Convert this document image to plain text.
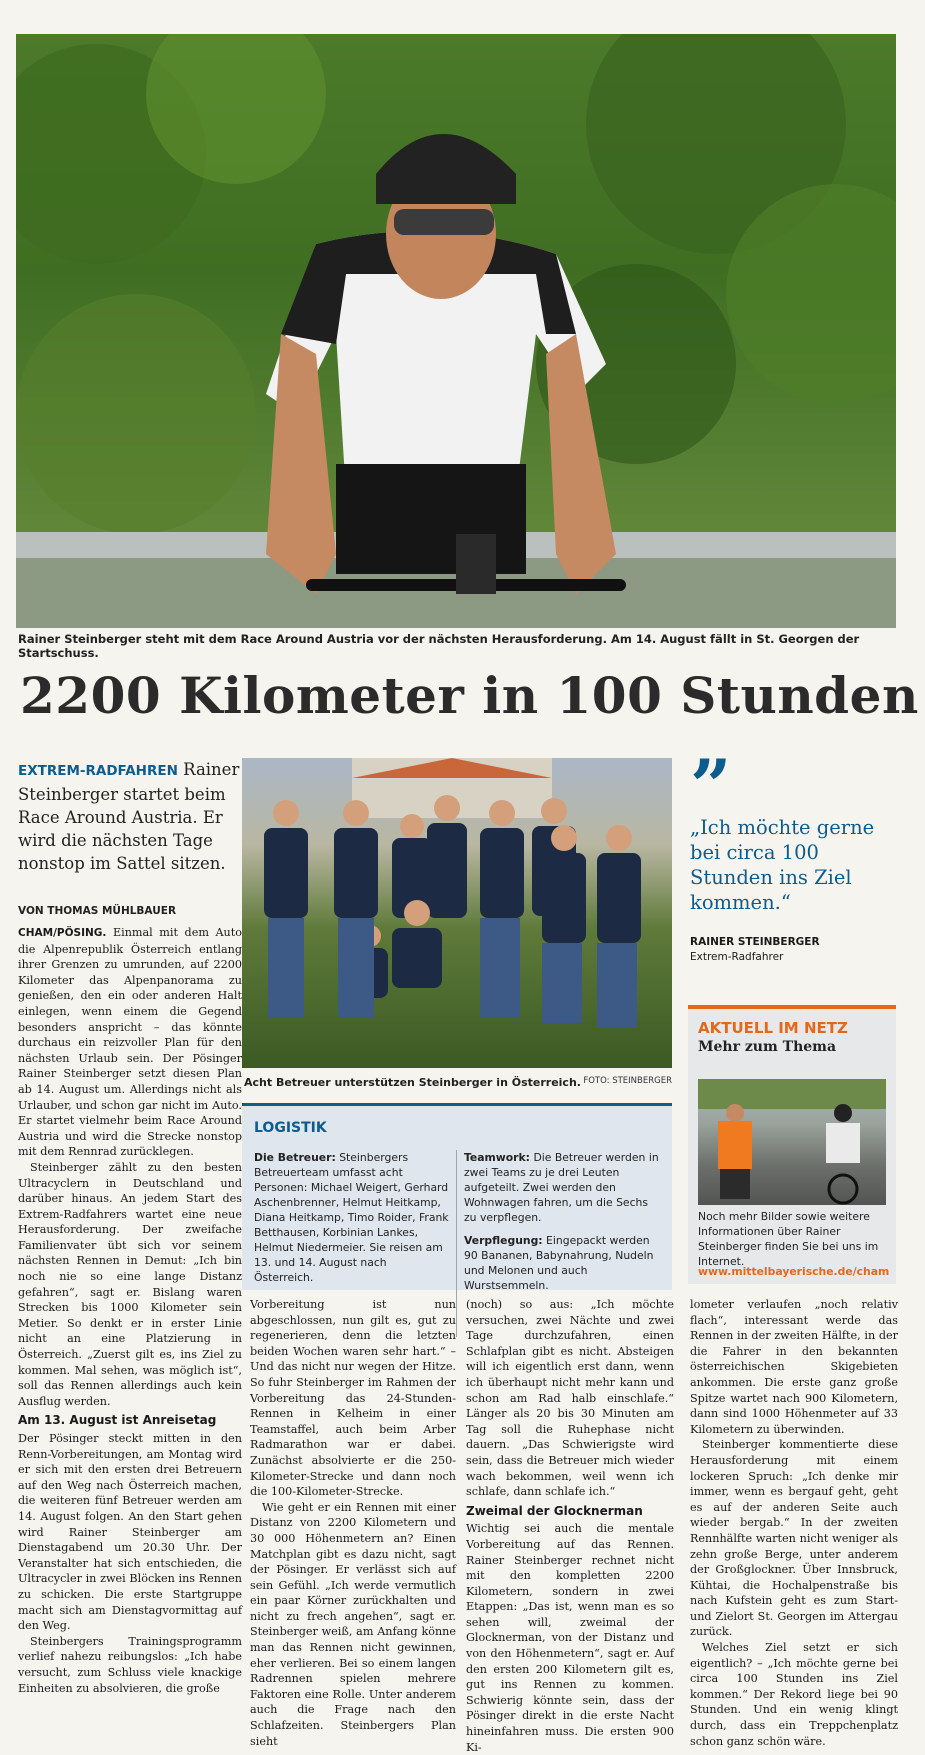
Rainer Steinberger steht mit dem Race Around Austria vor der nächsten Herausforderung. Am 14. August fällt in St. Georgen der Startschuss.
2200 Kilometer in 100 Stunden
EXTREM-RADFAHREN Rainer Steinberger startet beim Race Around Austria. Er wird die nächsten Tage nonstop im Sattel sitzen.
VON THOMAS MÜHLBAUER

CHAM/PÖSING. Einmal mit dem Auto die Alpenrepublik Österreich entlang ihrer Grenzen zu umrunden, auf 2200 Kilometer das Alpenpanorama zu genießen, den ein oder anderen Halt einlegen, wenn einem die Gegend besonders anspricht – das könnte durchaus ein reizvoller Plan für den nächsten Urlaub sein. Der Pösinger Rainer Steinberger setzt diesen Plan ab 14. August um. Allerdings nicht als Urlauber, und schon gar nicht im Auto. Er startet vielmehr beim Race Around Austria und wird die Strecke nonstop mit dem Rennrad zurücklegen.

Steinberger zählt zu den besten Ultracyclern in Deutschland und darüber hinaus. An jedem Start des Extrem-Radfahrers wartet eine neue Herausforderung. Der zweifache Familienvater übt sich vor seinem nächsten Rennen in Demut: „Ich bin noch nie so eine lange Distanz gefahren“, sagt er. Bislang waren Strecken bis 1000 Kilometer sein Metier. So denkt er in erster Linie nicht an eine Platzierung in Österreich. „Zuerst gilt es, ins Ziel zu kommen. Mal sehen, was möglich ist“, soll das Rennen allerdings auch kein Ausflug werden.

Am 13. August ist Anreisetag

Der Pösinger steckt mitten in den Renn-Vorbereitungen, am Montag wird er sich mit den ersten drei Betreuern auf den Weg nach Österreich machen, die weiteren fünf Betreuer werden am 14. August folgen. An den Start gehen wird Rainer Steinberger am Dienstagabend um 20.30 Uhr. Der Veranstalter hat sich entschieden, die Ultracycler in zwei Blöcken ins Rennen zu schicken. Die erste Startgruppe macht sich am Dienstagvormittag auf den Weg.

Steinbergers Trainingsprogramm verlief nahezu reibungslos: „Ich habe versucht, zum Schluss viele knackige Einheiten zu absolvieren, die große

Acht Betreuer unterstützen Steinberger in Österreich. FOTO: STEINBERGER
LOGISTIK
Die Betreuer: Steinbergers Betreuerteam umfasst acht Personen: Michael Weigert, Gerhard Aschenbrenner, Helmut Heitkamp, Diana Heitkamp, Timo Roider, Frank Betthausen, Korbinian Lankes, Helmut Niedermeier. Sie reisen am 13. und 14. August nach Österreich.
Teamwork: Die Betreuer werden in zwei Teams zu je drei Leuten aufgeteilt. Zwei werden den Wohnwagen fahren, um die Sechs zu verpflegen.
Verpflegung: Eingepackt werden 90 Bananen, Babynahrung, Nudeln und Melonen und auch Wurstsemmeln.
”
„Ich möchte gerne bei circa 100 Stunden ins Ziel kommen.“
RAINER STEINBERGER
Extrem-Radfahrer
AKTUELL IM NETZ
Mehr zum Thema
Noch mehr Bilder sowie weitere Informationen über Rainer Steinberger finden Sie bei uns im Internet.
www.mittelbayerische.de/cham

Vorbereitung ist nun abgeschlossen, nun gilt es, gut zu regenerieren, denn die letzten beiden Wochen waren sehr hart.“ – Und das nicht nur wegen der Hitze. So fuhr Steinberger im Rahmen der Vorbereitung das 24-Stunden-Rennen in Kelheim in einer Teamstaffel, auch beim Arber Radmarathon war er dabei. Zunächst absolvierte er die 250-Kilometer-Strecke und dann noch die 100-Kilometer-Strecke.

Wie geht er ein Rennen mit einer Distanz von 2200 Kilometern und 30 000 Höhenmetern an? Einen Matchplan gibt es dazu nicht, sagt der Pösinger. Er verlässt sich auf sein Gefühl. „Ich werde vermutlich ein paar Körner zurückhalten und nicht zu frech angehen“, sagt er. Steinberger weiß, am Anfang könne man das Rennen nicht gewinnen, eher verlieren. Bei so einem langen Radrennen spielen mehrere Faktoren eine Rolle. Unter anderem auch die Frage nach den Schlafzeiten. Steinbergers Plan sieht

(noch) so aus: „Ich möchte versuchen, zwei Nächte und zwei Tage durchzufahren, einen Schlafplan gibt es nicht. Absteigen will ich eigentlich erst dann, wenn ich überhaupt nicht mehr kann und schon am Rad halb einschlafe.“ Länger als 20 bis 30 Minuten am Tag soll die Ruhephase nicht dauern. „Das Schwierigste wird sein, dass die Betreuer mich wieder wach bekommen, weil wenn ich schlafe, dann schlafe ich.“

Zweimal der Glocknerman

Wichtig sei auch die mentale Vorbereitung auf das Rennen. Rainer Steinberger rechnet nicht mit den kompletten 2200 Kilometern, sondern in zwei Etappen: „Das ist, wenn man es so sehen will, zweimal der Glocknerman, von der Distanz und von den Höhenmetern“, sagt er. Auf den ersten 200 Kilometern gilt es, gut ins Rennen zu kommen. Schwierig könnte sein, dass der Pösinger direkt in die erste Nacht hineinfahren muss. Die ersten 900 Ki-

lometer verlaufen „noch relativ flach“, interessant werde das Rennen in der zweiten Hälfte, in der die Fahrer in den bekannten österreichischen Skigebieten ankommen. Die erste ganz große Spitze wartet nach 900 Kilometern, dann sind 1000 Höhenmeter auf 33 Kilometern zu überwinden.

Steinberger kommentierte diese Herausforderung mit einem lockeren Spruch: „Ich denke mir immer, wenn es bergauf geht, geht es auf der anderen Seite auch wieder bergab.“ In der zweiten Rennhälfte warten nicht weniger als zehn große Berge, unter anderem der Großglockner. Über Innsbruck, Kühtai, die Hochalpenstraße bis nach Kufstein geht es zum Start- und Zielort St. Georgen im Attergau zurück.

Welches Ziel setzt er sich eigentlich? – „Ich möchte gerne bei circa 100 Stunden ins Ziel kommen.“ Der Rekord liege bei 90 Stunden. Und ein wenig klingt durch, dass ein Treppchenplatz schon ganz schön wäre.
